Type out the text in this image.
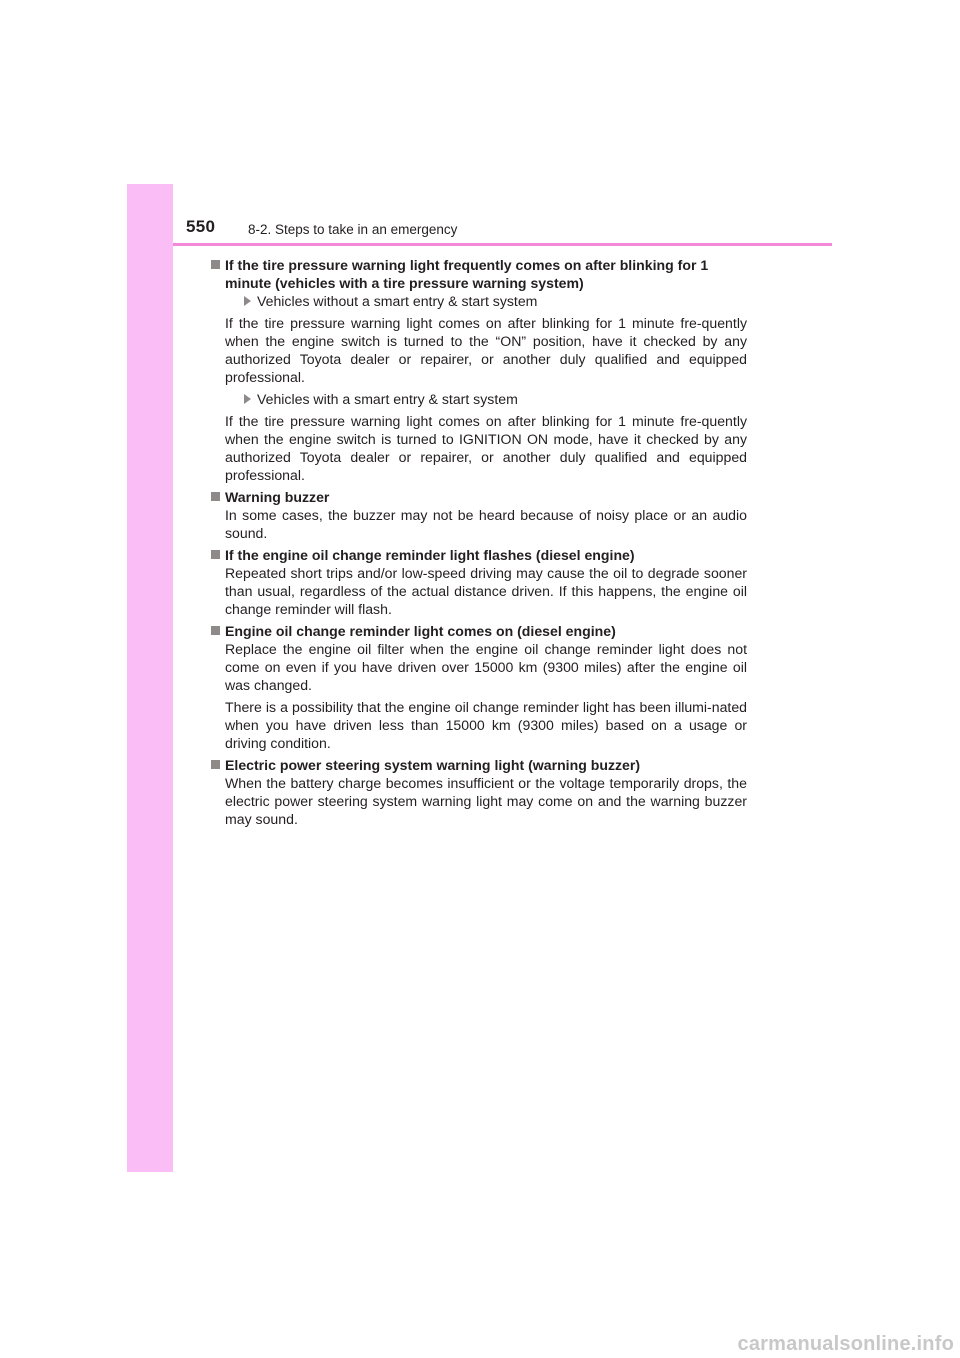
550 8-2. Steps to take in an emergency
If the tire pressure warning light frequently comes on after blinking for 1 minute (vehicles with a tire pressure warning system)
Vehicles without a smart entry & start system

If the tire pressure warning light comes on after blinking for 1 minute fre-quently when the engine switch is turned to the “ON” position, have it checked by any authorized Toyota dealer or repairer, or another duly qualified and equipped professional.

Vehicles with a smart entry & start system

If the tire pressure warning light comes on after blinking for 1 minute fre-quently when the engine switch is turned to IGNITION ON mode, have it checked by any authorized Toyota dealer or repairer, or another duly qualified and equipped professional.

Warning buzzer

In some cases, the buzzer may not be heard because of noisy place or an audio sound.

If the engine oil change reminder light flashes (diesel engine)

Repeated short trips and/or low-speed driving may cause the oil to degrade sooner than usual, regardless of the actual distance driven. If this happens, the engine oil change reminder will flash.

Engine oil change reminder light comes on (diesel engine)

Replace the engine oil filter when the engine oil change reminder light does not come on even if you have driven over 15000 km (9300 miles) after the engine oil was changed.

There is a possibility that the engine oil change reminder light has been illumi-nated when you have driven less than 15000 km (9300 miles) based on a usage or driving condition.

Electric power steering system warning light (warning buzzer)

When the battery charge becomes insufficient or the voltage temporarily drops, the electric power steering system warning light may come on and the warning buzzer may sound.

carmanualsonline.info
